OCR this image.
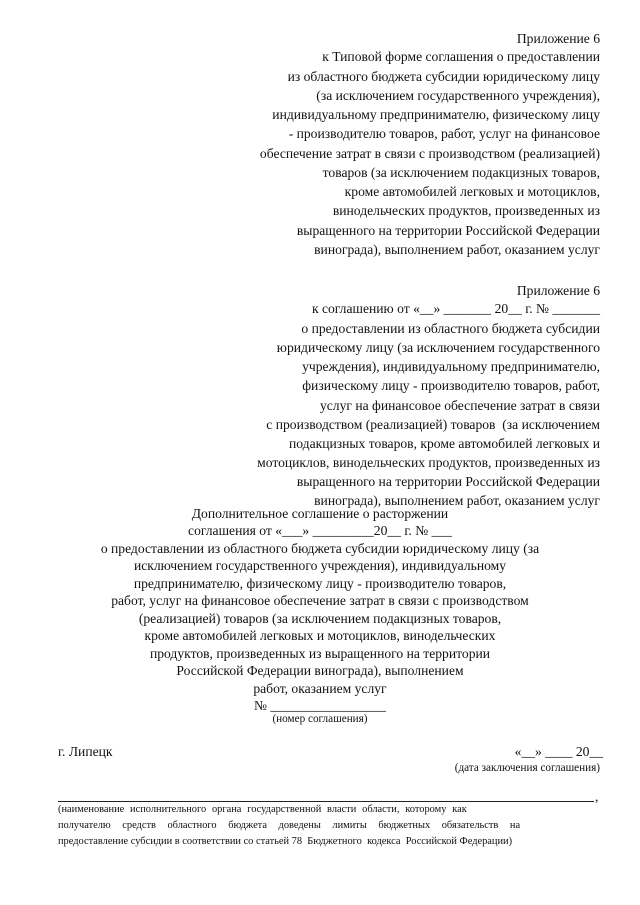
Приложение 6
к Типовой форме соглашения о предоставлении
из областного бюджета субсидии юридическому лицу
(за исключением государственного учреждения),
индивидуальному предпринимателю, физическому лицу
- производителю товаров, работ, услуг на финансовое
обеспечение затрат в связи с производством (реализацией)
товаров (за исключением подакцизных товаров,
кроме автомобилей легковых и мотоциклов,
винодельческих продуктов, произведенных из
выращенного на территории Российской Федерации
винограда), выполнением работ, оказанием услуг
Приложение 6
к соглашению от «__» _______ 20__ г. № _______
о предоставлении из областного бюджета субсидии
юридическому лицу (за исключением государственного
учреждения), индивидуальному предпринимателю,
физическому лицу - производителю товаров, работ,
услуг на финансовое обеспечение затрат в связи
с производством (реализацией) товаров  (за исключением
подакцизных товаров, кроме автомобилей легковых и
мотоциклов, винодельческих продуктов, произведенных из
выращенного на территории Российской Федерации
винограда), выполнением работ, оказанием услуг
Дополнительное соглашение о расторжении
соглашения от «___» _________20__ г. № ___
о предоставлении из областного бюджета субсидии юридическому лицу (за
исключением государственного учреждения), индивидуальному
предпринимателю, физическому лицу - производителю товаров,
работ, услуг на финансовое обеспечение затрат в связи с производством
(реализацией) товаров (за исключением подакцизных товаров,
кроме автомобилей легковых и мотоциклов, винодельческих
продуктов, произведенных из выращенного на территории
Российской Федерации винограда), выполнением
работ, оказанием услуг
№ _________________
(номер соглашения)
г. Липецк	«__» ____ 20__
(дата заключения соглашения)
,
(наименование исполнительного органа государственной власти области, которому как
получателю средств областного бюджета доведены лимиты бюджетных обязательств на
предоставление субсидии в соответствии со статьей 78  Бюджетного  кодекса  Российской Федерации)
